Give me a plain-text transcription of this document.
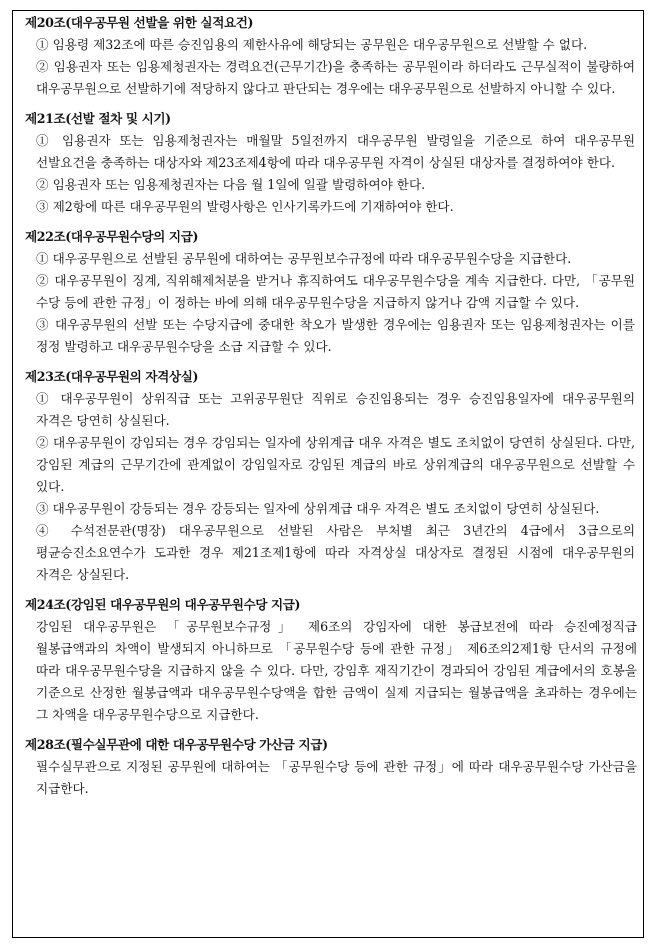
제20조(대우공무원 선발을 위한 실적요건)
① 임용령 제32조에 따른 승진임용의 제한사유에 해당되는 공무원은 대우공무원으로 선발할 수 없다.
② 임용권자 또는 임용제청권자는 경력요건(근무기간)을 충족하는 공무원이라 하더라도 근무실적이 불량하여 대우공무원으로 선발하기에 적당하지 않다고 판단되는 경우에는 대우공무원으로 선발하지 아니할 수 있다.
제21조(선발 절차 및 시기)
① 임용권자 또는 임용제청권자는 매월말 5일전까지 대우공무원 발령일을 기준으로 하여 대우공무원 선발요건을 충족하는 대상자와 제23조제4항에 따라 대우공무원 자격이 상실된 대상자를 결정하여야 한다.
② 임용권자 또는 임용제청권자는 다음 월 1일에 일괄 발령하여야 한다.
③ 제2항에 따른 대우공무원의 발령사항은 인사기록카드에 기재하여야 한다.
제22조(대우공무원수당의 지급)
① 대우공무원으로 선발된 공무원에 대하여는 공무원보수규정에 따라 대우공무원수당을 지급한다.
② 대우공무원이 징계, 직위해제처분을 받거나 휴직하여도 대우공무원수당을 계속 지급한다. 다만, 「공무원 수당 등에 관한 규정」이 정하는 바에 의해 대우공무원수당을 지급하지 않거나 감액 지급할 수 있다.
③ 대우공무원의 선발 또는 수당지급에 중대한 착오가 발생한 경우에는 임용권자 또는 임용제청권자는 이를 정정 발령하고 대우공무원수당을 소급 지급할 수 있다.
제23조(대우공무원의 자격상실)
① 대우공무원이 상위직급 또는 고위공무원단 직위로 승진임용되는 경우 승진임용일자에 대우공무원의 자격은 당연히 상실된다.
② 대우공무원이 강임되는 경우 강임되는 일자에 상위계급 대우 자격은 별도 조치없이 당연히 상실된다. 다만, 강임된 계급의 근무기간에 관계없이 강임일자로 강임된 계급의 바로 상위계급의 대우공무원으로 선발할 수 있다.
③ 대우공무원이 강등되는 경우 강등되는 일자에 상위계급 대우 자격은 별도 조치없이 당연히 상실된다.
④ 수석전문관(명장) 대우공무원으로 선발된 사람은 부처별 최근 3년간의 4급에서 3급으로의 평균승진소요연수가 도과한 경우 제21조제1항에 따라 자격상실 대상자로 결정된 시점에 대우공무원의 자격은 상실된다.
제24조(강임된 대우공무원의 대우공무원수당 지급)
강임된 대우공무원은 「공무원보수규정」 제6조의 강임자에 대한 봉급보전에 따라 승진예정직급 월봉급액과의 차액이 발생되지 아니하므로 「공무원수당 등에 관한 규정」 제6조의2제1항 단서의 규정에 따라 대우공무원수당을 지급하지 않을 수 있다. 다만, 강임후 재직기간이 경과되어 강임된 계급에서의 호봉을 기준으로 산정한 월봉급액과 대우공무원수당액을 합한 금액이 실제 지급되는 월봉급액을 초과하는 경우에는 그 차액을 대우공무원수당으로 지급한다.
제28조(필수실무관에 대한 대우공무원수당 가산금 지급)
필수실무관으로 지정된 공무원에 대하여는 「공무원수당 등에 관한 규정」에 따라 대우공무원수당 가산금을 지급한다.
